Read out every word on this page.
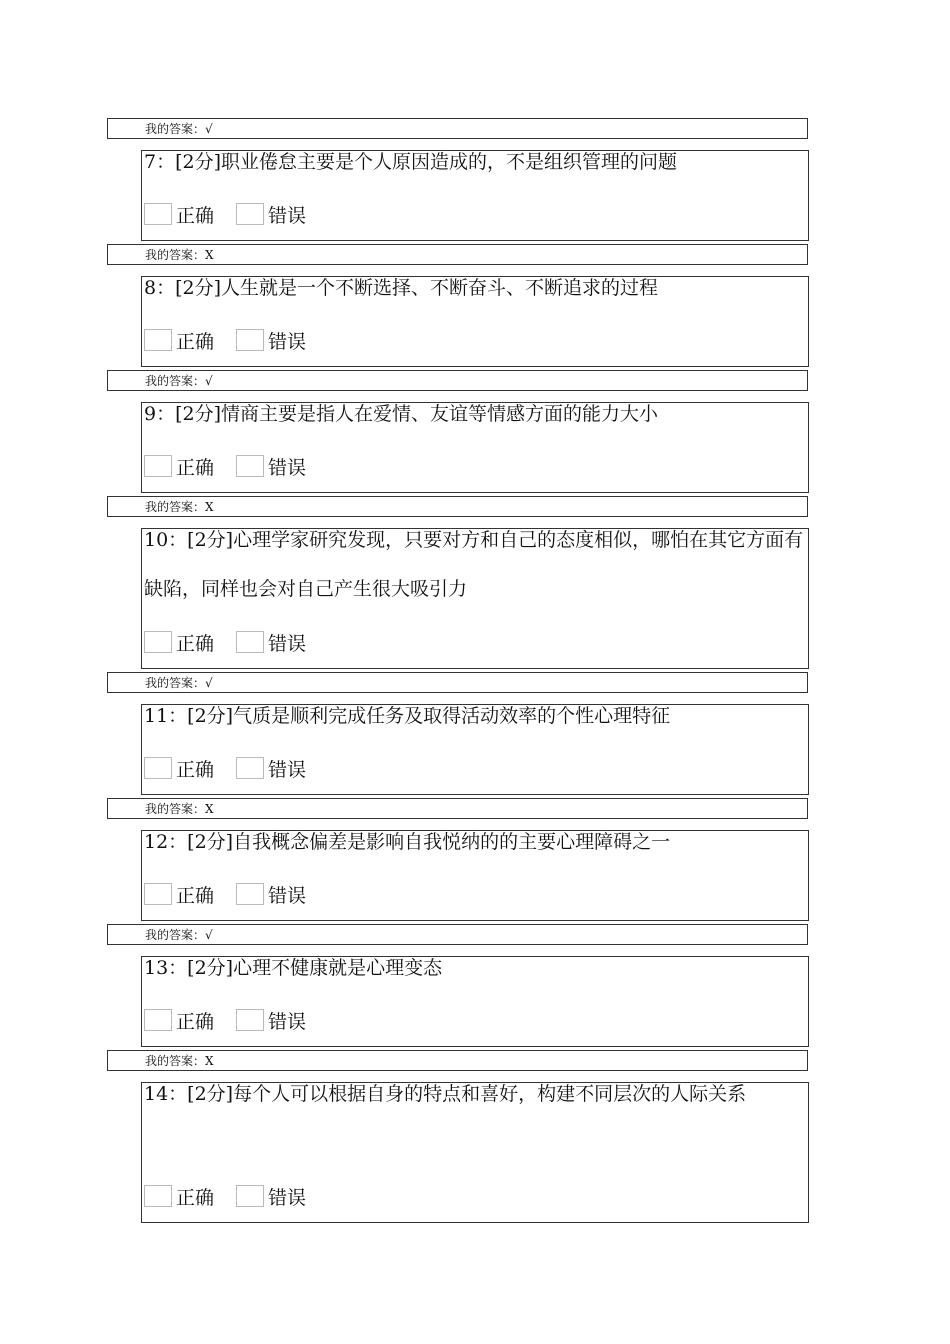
我的答案：√
我的答案：X
我的答案：√
我的答案：X
我的答案：√
我的答案：X
我的答案：√
我的答案：X
7：[2分]职业倦怠主要是个人原因造成的，不是组织管理的问题
正确	错误
8：[2分]人生就是一个不断选择、不断奋斗、不断追求的过程
正确	错误
9：[2分]情商主要是指人在爱情、友谊等情感方面的能力大小
正确	错误
10：[2分]心理学家研究发现，只要对方和自己的态度相似，哪怕在其它方面有缺陷，同样也会对自己产生很大吸引力
正确	错误
11：[2分]气质是顺利完成任务及取得活动效率的个性心理特征
正确	错误
12：[2分]自我概念偏差是影响自我悦纳的的主要心理障碍之一
正确	错误
13：[2分]心理不健康就是心理变态
正确	错误
14：[2分]每个人可以根据自身的特点和喜好，构建不同层次的人际关系
正确	错误
